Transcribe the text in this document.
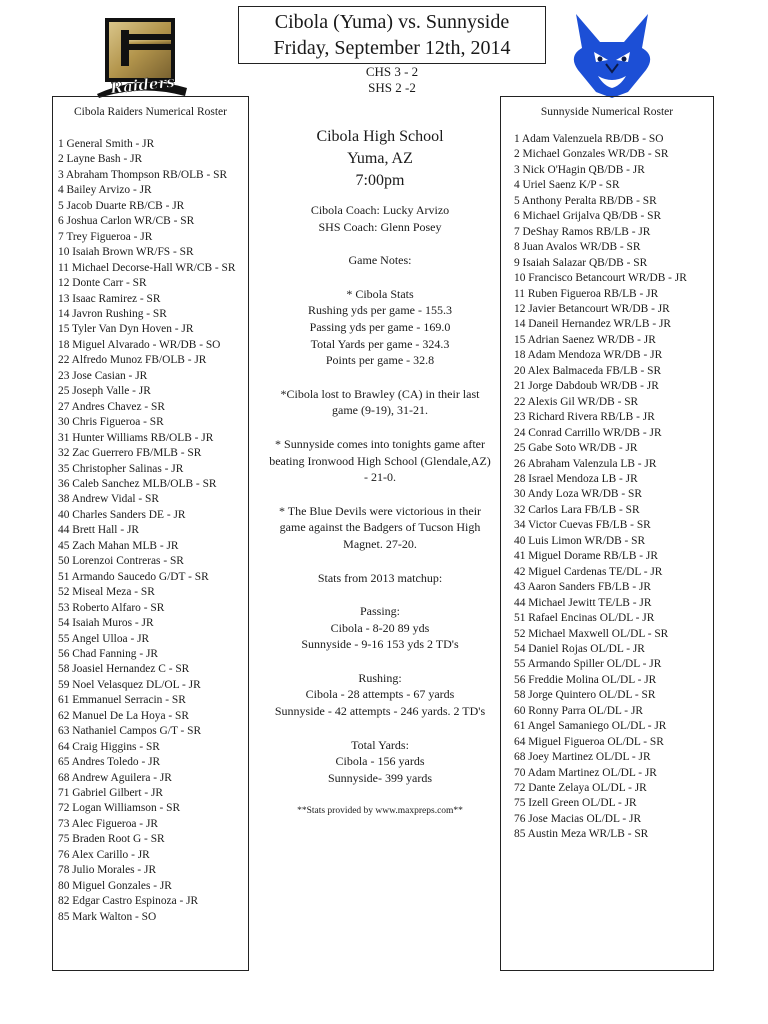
Raiders
Cibola (Yuma) vs. Sunnyside
Friday, September 12th, 2014
CHS 3 - 2
SHS 2 -2
Cibola Raiders Numerical Roster
1 General Smith - JR
2 Layne Bash - JR
3 Abraham Thompson RB/OLB - SR
4 Bailey Arvizo - JR
5 Jacob Duarte RB/CB - JR
6 Joshua Carlon WR/CB - SR
7 Trey Figueroa - JR
10 Isaiah Brown WR/FS - SR
11 Michael Decorse-Hall WR/CB - SR
12 Donte Carr - SR
13 Isaac Ramirez - SR
14 Javron Rushing - SR
15 Tyler Van Dyn Hoven - JR
18 Miguel Alvarado - WR/DB - SO
22 Alfredo Munoz FB/OLB - JR
23 Jose Casian - JR
25 Joseph Valle - JR
27 Andres Chavez - SR
30 Chris Figueroa - SR
31 Hunter Williams RB/OLB - JR
32 Zac Guerrero FB/MLB - SR
35 Christopher Salinas - JR
36 Caleb Sanchez MLB/OLB - SR
38 Andrew Vidal - SR
40 Charles Sanders DE - JR
44 Brett Hall - JR
45 Zach Mahan MLB - JR
50 Lorenzoi Contreras - SR
51 Armando Saucedo G/DT - SR
52 Miseal Meza - SR
53 Roberto Alfaro - SR
54 Isaiah Muros - JR
55 Angel Ulloa - JR
56 Chad Fanning - JR
58 Joasiel Hernandez C - SR
59 Noel Velasquez DL/OL - JR
61 Emmanuel Serracin - SR
62 Manuel De La Hoya - SR
63 Nathaniel Campos G/T - SR
64 Craig Higgins - SR
65 Andres Toledo - JR
68 Andrew Aguilera - JR
71 Gabriel Gilbert - JR
72 Logan Williamson - SR
73 Alec Figueroa - JR
75 Braden Root G - SR
76 Alex Carillo - JR
78 Julio Morales - JR
80 Miguel Gonzales - JR
82 Edgar Castro Espinoza - JR
85 Mark Walton - SO

Cibola High School

Yuma, AZ

7:00pm

Cibola Coach: Lucky Arvizo

SHS Coach: Glenn Posey

Game Notes:

* Cibola Stats

Rushing yds per game - 155.3

Passing yds per game - 169.0

Total Yards per game - 324.3

Points per game - 32.8

*Cibola lost to Brawley (CA) in their last game (9-19), 31-21.

* Sunnyside comes into tonights game after beating Ironwood High School (Glendale,AZ) - 21-0.

* The Blue Devils were victorious in their game against the Badgers of Tucson High Magnet. 27-20.

Stats from 2013 matchup:

Passing:

Cibola - 8-20 89 yds

Sunnyside - 9-16 153 yds 2 TD's

Rushing:

Cibola - 28 attempts - 67 yards

Sunnyside - 42 attempts - 246 yards. 2 TD's

Total Yards:

Cibola - 156 yards

Sunnyside- 399 yards

**Stats provided by www.maxpreps.com**

Sunnyside Numerical Roster
1 Adam Valenzuela RB/DB - SO
2 Michael Gonzales WR/DB - SR
3 Nick O'Hagin QB/DB - JR
4 Uriel Saenz K/P - SR
5 Anthony Peralta RB/DB - SR
6 Michael Grijalva QB/DB - SR
7 DeShay Ramos RB/LB - JR
8 Juan Avalos WR/DB - SR
9 Isaiah Salazar QB/DB - SR
10 Francisco Betancourt WR/DB - JR
11 Ruben Figueroa RB/LB - JR
12 Javier Betancourt WR/DB - JR
14 Daneil Hernandez WR/LB - JR
15 Adrian Saenez WR/DB - JR
18 Adam Mendoza WR/DB - JR
20 Alex Balmaceda FB/LB - SR
21 Jorge Dabdoub WR/DB - JR
22 Alexis Gil WR/DB - SR
23 Richard Rivera RB/LB - JR
24 Conrad Carrillo WR/DB - JR
25 Gabe Soto WR/DB - JR
26 Abraham Valenzula LB - JR
28 Israel Mendoza LB - JR
30 Andy Loza WR/DB - SR
32 Carlos Lara FB/LB - SR
34 Victor Cuevas FB/LB - SR
40 Luis Limon WR/DB - SR
41 Miguel Dorame RB/LB - JR
42 Miguel Cardenas TE/DL - JR
43 Aaron Sanders FB/LB - JR
44 Michael Jewitt TE/LB - JR
51 Rafael Encinas OL/DL - JR
52 Michael Maxwell OL/DL - SR
54 Daniel Rojas OL/DL - JR
55 Armando Spiller OL/DL - JR
56 Freddie Molina OL/DL - JR
58 Jorge Quintero OL/DL - SR
60 Ronny Parra OL/DL - JR
61 Angel Samaniego OL/DL - JR
64 Miguel Figueroa OL/DL - SR
68 Joey Martinez OL/DL - JR
70 Adam Martinez OL/DL - JR
72 Dante Zelaya OL/DL - JR
75 Izell Green OL/DL - JR
76 Jose Macias OL/DL - JR
85 Austin Meza WR/LB - SR
